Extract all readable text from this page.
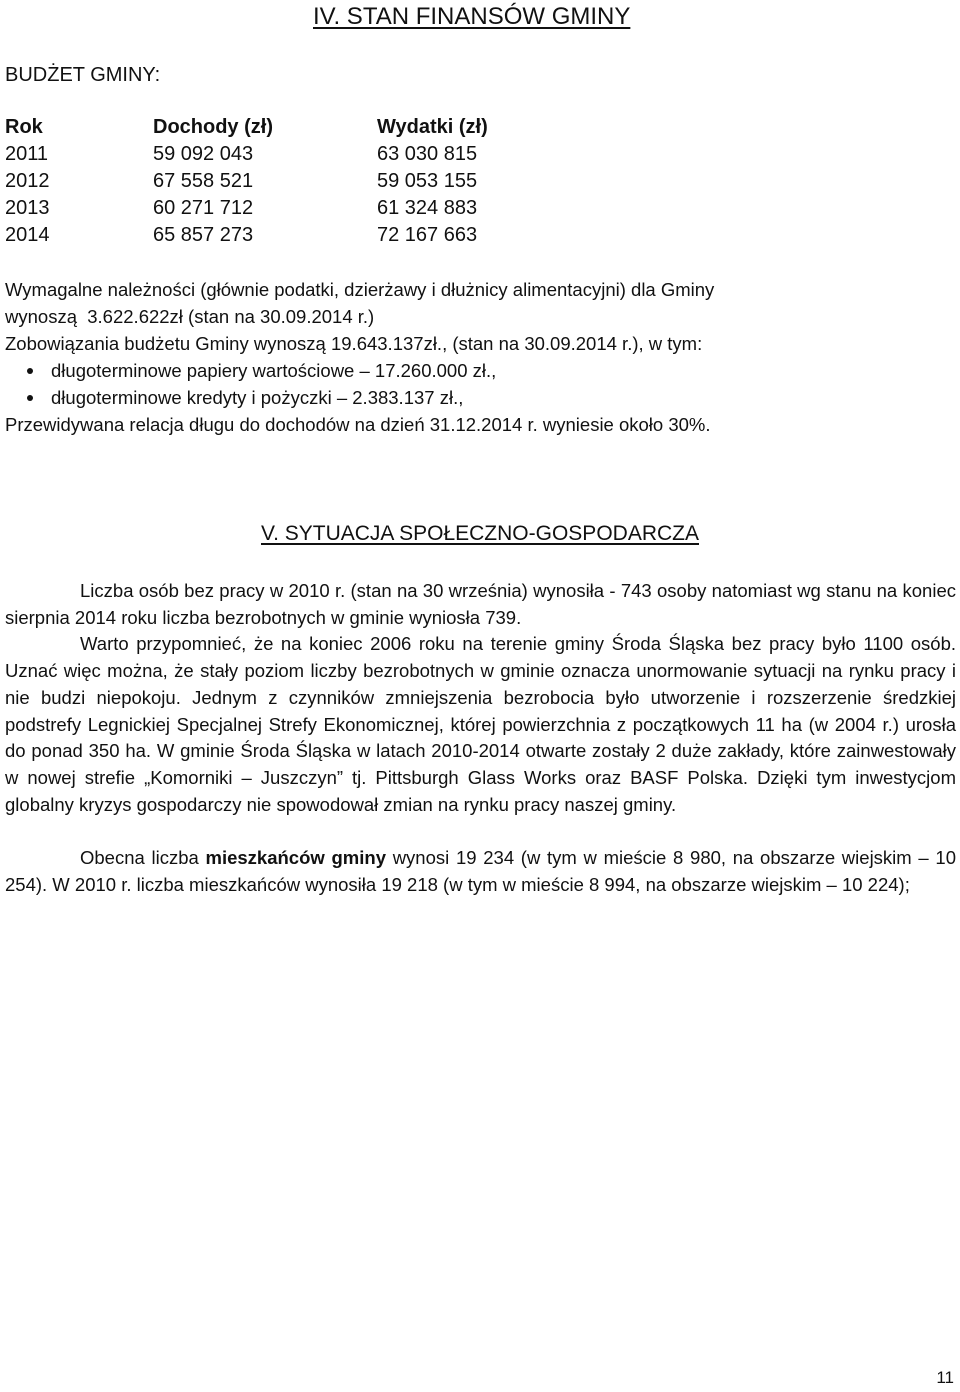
IV. STAN FINANSÓW GMINY
BUDŻET GMINY:
Rok	Dochody (zł)	Wydatki (zł)
2011	59 092 043	63 030 815
2012	67 558 521	59 053 155
2013	60 271 712	61 324 883
2014	65 857 273	72 167 663

Wymagalne należności (głównie podatki, dzierżawy i dłużnicy alimentacyjni) dla Gminy

wynoszą  3.622.622zł (stan na 30.09.2014 r.)

Zobowiązania budżetu Gminy wynoszą 19.643.137zł., (stan na 30.09.2014 r.), w tym:

długoterminowe papiery wartościowe – 17.260.000 zł.,
długoterminowe kredyty i pożyczki – 2.383.137 zł.,

Przewidywana relacja długu do dochodów na dzień 31.12.2014 r. wyniesie około 30%.

V. SYTUACJA SPOŁECZNO-GOSPODARCZA

Liczba osób bez pracy w 2010 r. (stan na 30 września) wynosiła - 743 osoby natomiast wg stanu na koniec sierpnia 2014 roku liczba bezrobotnych w gminie wyniosła 739.

Warto przypomnieć, że na koniec 2006 roku na terenie gminy Środa Śląska bez pracy było 1100 osób. Uznać więc można, że stały poziom liczby bezrobotnych w gminie oznacza unormowanie sytuacji na rynku pracy i nie budzi niepokoju. Jednym z czynników zmniejszenia bezrobocia było utworzenie i rozszerzenie średzkiej podstrefy Legnickiej Specjalnej Strefy Ekonomicznej, której powierzchnia z początkowych 11 ha (w 2004 r.) urosła do ponad 350 ha. W gminie Środa Śląska w latach 2010-2014 otwarte zostały 2 duże zakłady, które zainwestowały w nowej strefie „Komorniki – Juszczyn” tj. Pittsburgh Glass Works oraz BASF Polska. Dzięki tym inwestycjom globalny kryzys gospodarczy nie spowodował zmian na rynku pracy naszej gminy.

Obecna liczba mieszkańców gminy wynosi 19 234 (w tym w mieście 8 980, na obszarze wiejskim – 10 254). W 2010 r. liczba mieszkańców wynosiła 19 218 (w tym w mieście 8 994, na obszarze wiejskim – 10 224);

11
